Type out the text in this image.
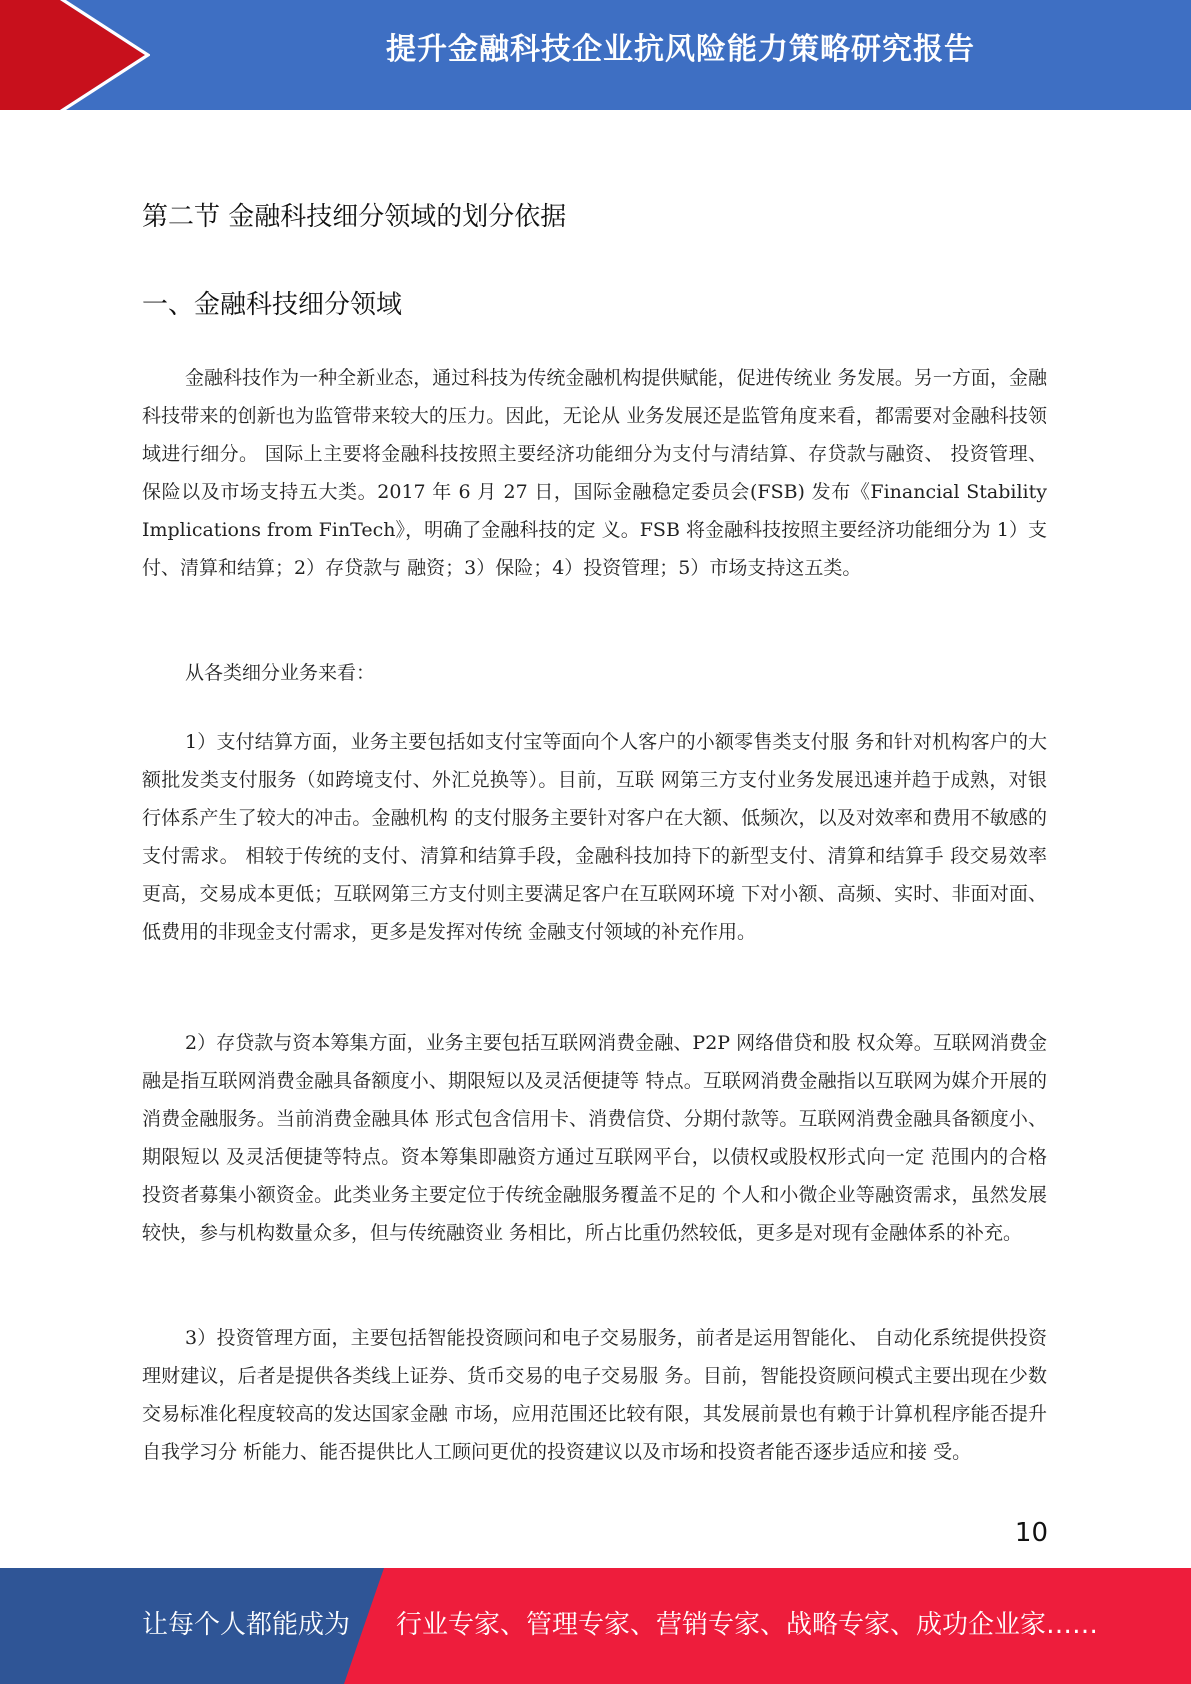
提升金融科技企业抗风险能力策略研究报告
第二节 金融科技细分领域的划分依据
一、金融科技细分领域

金融科技作为一种全新业态，通过科技为传统金融机构提供赋能，促进传统业 务发展。另一方面，金融科技带来的创新也为监管带来较大的压力。因此，无论从 业务发展还是监管角度来看，都需要对金融科技领域进行细分。 国际上主要将金融科技按照主要经济功能细分为支付与清结算、存贷款与融资、 投资管理、保险以及市场支持五大类。2017 年 6 月 27 日，国际金融稳定委员会(FSB) 发布《Financial Stability Implications from FinTech》，明确了金融科技的定 义。FSB 将金融科技按照主要经济功能细分为 1）支付、清算和结算；2）存贷款与 融资；3）保险；4）投资管理；5）市场支持这五类。

从各类细分业务来看：

1）支付结算方面，业务主要包括如支付宝等面向个人客户的小额零售类支付服 务和针对机构客户的大额批发类支付服务（如跨境支付、外汇兑换等）。目前，互联 网第三方支付业务发展迅速并趋于成熟，对银行体系产生了较大的冲击。金融机构 的支付服务主要针对客户在大额、低频次，以及对效率和费用不敏感的支付需求。 相较于传统的支付、清算和结算手段，金融科技加持下的新型支付、清算和结算手 段交易效率更高，交易成本更低；互联网第三方支付则主要满足客户在互联网环境 下对小额、高频、实时、非面对面、低费用的非现金支付需求，更多是发挥对传统 金融支付领域的补充作用。

2）存贷款与资本筹集方面，业务主要包括互联网消费金融、P2P 网络借贷和股 权众筹。互联网消费金融是指互联网消费金融具备额度小、期限短以及灵活便捷等 特点。互联网消费金融指以互联网为媒介开展的消费金融服务。当前消费金融具体 形式包含信用卡、消费信贷、分期付款等。互联网消费金融具备额度小、期限短以 及灵活便捷等特点。资本筹集即融资方通过互联网平台，以债权或股权形式向一定 范围内的合格投资者募集小额资金。此类业务主要定位于传统金融服务覆盖不足的 个人和小微企业等融资需求，虽然发展较快，参与机构数量众多，但与传统融资业 务相比，所占比重仍然较低，更多是对现有金融体系的补充。

3）投资管理方面，主要包括智能投资顾问和电子交易服务，前者是运用智能化、 自动化系统提供投资理财建议，后者是提供各类线上证券、货币交易的电子交易服 务。目前，智能投资顾问模式主要出现在少数交易标准化程度较高的发达国家金融 市场，应用范围还比较有限，其发展前景也有赖于计算机程序能否提升自我学习分 析能力、能否提供比人工顾问更优的投资建议以及市场和投资者能否逐步适应和接 受。

10
让每个人都能成为 行业专家、管理专家、营销专家、战略专家、成功企业家……
